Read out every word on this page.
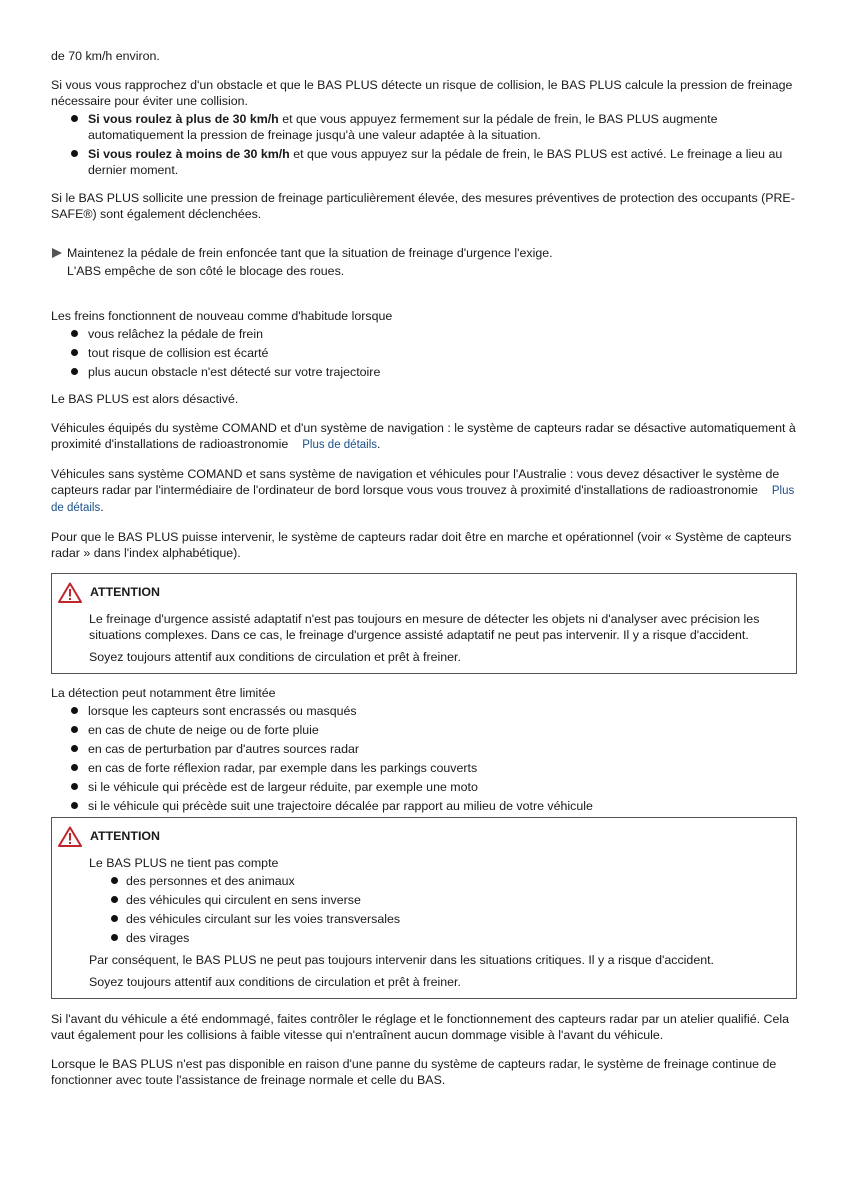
de 70 km/h environ.

Si vous vous rapprochez d'un obstacle et que le BAS PLUS détecte un risque de collision, le BAS PLUS calcule la pression de freinage nécessaire pour éviter une collision.

Si vous roulez à plus de 30 km/h et que vous appuyez fermement sur la pédale de frein, le BAS PLUS augmente automatiquement la pression de freinage jusqu'à une valeur adaptée à la situation.
Si vous roulez à moins de 30 km/h et que vous appuyez sur la pédale de frein, le BAS PLUS est activé. Le freinage a lieu au dernier moment.

Si le BAS PLUS sollicite une pression de freinage particulièrement élevée, des mesures préventives de protection des occupants (PRE-SAFE®) sont également déclenchées.

Maintenez la pédale de frein enfoncée tant que la situation de freinage d'urgence l'exige.

L'ABS empêche de son côté le blocage des roues.

Les freins fonctionnent de nouveau comme d'habitude lorsque

vous relâchez la pédale de frein
tout risque de collision est écarté
plus aucun obstacle n'est détecté sur votre trajectoire

Le BAS PLUS est alors désactivé.

Véhicules équipés du système COMAND et d'un système de navigation : le système de capteurs radar se désactive automatiquement à proximité d'installations de radioastronomie Plus de détails.

Véhicules sans système COMAND et sans système de navigation et véhicules pour l'Australie : vous devez désactiver le système de capteurs radar par l'intermédiaire de l'ordinateur de bord lorsque vous vous trouvez à proximité d'installations de radioastronomie Plus de détails.

Pour que le BAS PLUS puisse intervenir, le système de capteurs radar doit être en marche et opérationnel (voir « Système de capteurs radar » dans l'index alphabétique).

ATTENTION

Le freinage d'urgence assisté adaptatif n'est pas toujours en mesure de détecter les objets ni d'analyser avec précision les situations complexes. Dans ce cas, le freinage d'urgence assisté adaptatif ne peut pas intervenir. Il y a risque d'accident.

Soyez toujours attentif aux conditions de circulation et prêt à freiner.

La détection peut notamment être limitée

lorsque les capteurs sont encrassés ou masqués
en cas de chute de neige ou de forte pluie
en cas de perturbation par d'autres sources radar
en cas de forte réflexion radar, par exemple dans les parkings couverts
si le véhicule qui précède est de largeur réduite, par exemple une moto
si le véhicule qui précède suit une trajectoire décalée par rapport au milieu de votre véhicule
ATTENTION

Le BAS PLUS ne tient pas compte

des personnes et des animaux
des véhicules qui circulent en sens inverse
des véhicules circulant sur les voies transversales
des virages

Par conséquent, le BAS PLUS ne peut pas toujours intervenir dans les situations critiques. Il y a risque d'accident.

Soyez toujours attentif aux conditions de circulation et prêt à freiner.

Si l'avant du véhicule a été endommagé, faites contrôler le réglage et le fonctionnement des capteurs radar par un atelier qualifié. Cela vaut également pour les collisions à faible vitesse qui n'entraînent aucun dommage visible à l'avant du véhicule.

Lorsque le BAS PLUS n'est pas disponible en raison d'une panne du système de capteurs radar, le système de freinage continue de fonctionner avec toute l'assistance de freinage normale et celle du BAS.
